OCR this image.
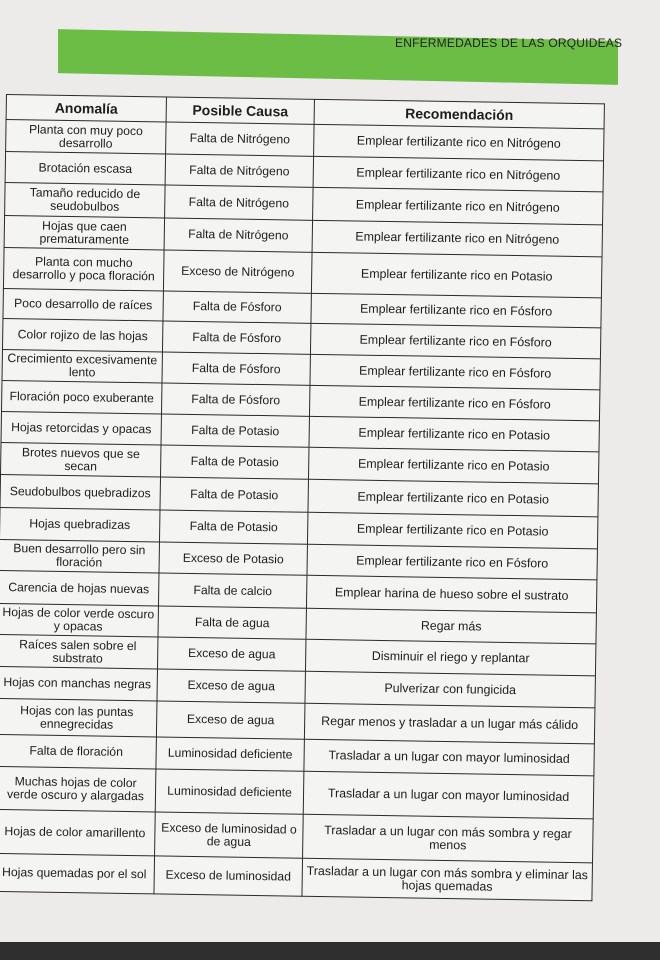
ENFERMEDADES DE LAS ORQUIDEAS
Anomalía	Posible Causa	Recomendación
Planta con muy poco desarrollo	Falta de Nitrógeno	Emplear fertilizante rico en Nitrógeno
Brotación escasa	Falta de Nitrógeno	Emplear fertilizante rico en Nitrógeno
Tamaño reducido de seudobulbos	Falta de Nitrógeno	Emplear fertilizante rico en Nitrógeno
Hojas que caen prematuramente	Falta de Nitrógeno	Emplear fertilizante rico en Nitrógeno
Planta con mucho desarrollo y poca floración	Exceso de Nitrógeno	Emplear fertilizante rico en Potasio
Poco desarrollo de raíces	Falta de Fósforo	Emplear fertilizante rico en Fósforo
Color rojizo de las hojas	Falta de Fósforo	Emplear fertilizante rico en Fósforo
Crecimiento excesivamente lento	Falta de Fósforo	Emplear fertilizante rico en Fósforo
Floración poco exuberante	Falta de Fósforo	Emplear fertilizante rico en Fósforo
Hojas retorcidas y opacas	Falta de Potasio	Emplear fertilizante rico en Potasio
Brotes nuevos que se secan	Falta de Potasio	Emplear fertilizante rico en Potasio
Seudobulbos quebradizos	Falta de Potasio	Emplear fertilizante rico en Potasio
Hojas quebradizas	Falta de Potasio	Emplear fertilizante rico en Potasio
Buen desarrollo pero sin floración	Exceso de Potasio	Emplear fertilizante rico en Fósforo
Carencia de hojas nuevas	Falta de calcio	Emplear harina de hueso sobre el sustrato
Hojas de color verde oscuro y opacas	Falta de agua	Regar más
Raíces salen sobre el substrato	Exceso de agua	Disminuir el riego y replantar
Hojas con manchas negras	Exceso de agua	Pulverizar con fungicida
Hojas con las puntas ennegrecidas	Exceso de agua	Regar menos y trasladar a un lugar más cálido
Falta de floración	Luminosidad deficiente	Trasladar a un lugar con mayor luminosidad
Muchas hojas de color verde oscuro y alargadas	Luminosidad deficiente	Trasladar a un lugar con mayor luminosidad
Hojas de color amarillento	Exceso de luminosidad o de agua	Trasladar a un lugar con más sombra y regar menos
Hojas quemadas por el sol	Exceso de luminosidad	Trasladar a un lugar con más sombra y eliminar las hojas quemadas
